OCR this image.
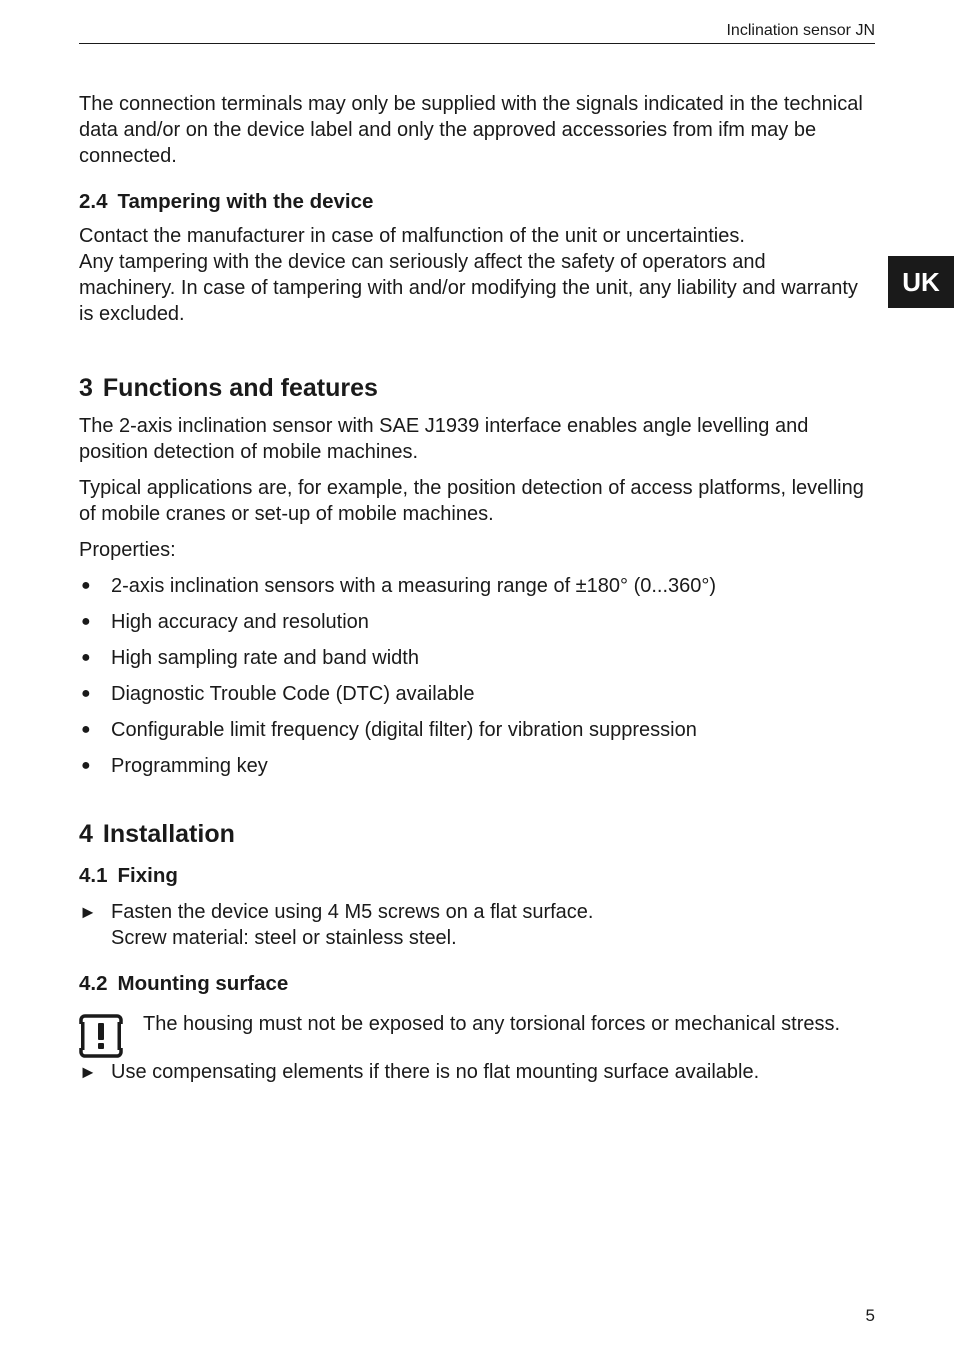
Inclination sensor JN
UK

The connection terminals may only be supplied with the signals indicated in the technical data and/or on the device label and only the approved accessories from ifm may be connected.

2.4 Tampering with the device

Contact the manufacturer in case of malfunction of the unit or uncertainties.

Any tampering with the device can seriously affect the safety of operators and machinery. In case of tampering with and/or modifying the unit, any liability and warranty is excluded.

3 Functions and features

The 2-axis inclination sensor with SAE J1939 interface enables angle levelling and position detection of mobile machines.

Typical applications are, for example, the position detection of access platforms, levelling of mobile cranes or set-up of mobile machines.

Properties:

● 2-axis inclination sensors with a measuring range of ±180° (0...360°)
● High accuracy and resolution
● High sampling rate and band width
● Diagnostic Trouble Code (DTC) available
● Configurable limit frequency (digital filter) for vibration suppression
● Programming key
4 Installation
4.1 Fixing
► Fasten the device using 4 M5 screws on a flat surface.
Screw material: steel or stainless steel.
4.2 Mounting surface
The housing must not be exposed to any torsional forces or mechanical stress.
► Use compensating elements if there is no flat mounting surface available.
5
